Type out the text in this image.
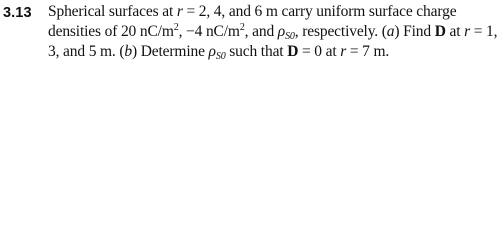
3.13 Spherical surfaces at r = 2, 4, and 6 m carry uniform surface charge
densities of 20 $nC/m^2$, −4 $nC/m^2$, and $\rho_{S0}$, respectively. (a) Find D at r = 1,
3, and 5 m. (b) Determine $\rho_{S0}$ such that D = 0 at r = 7 m.
